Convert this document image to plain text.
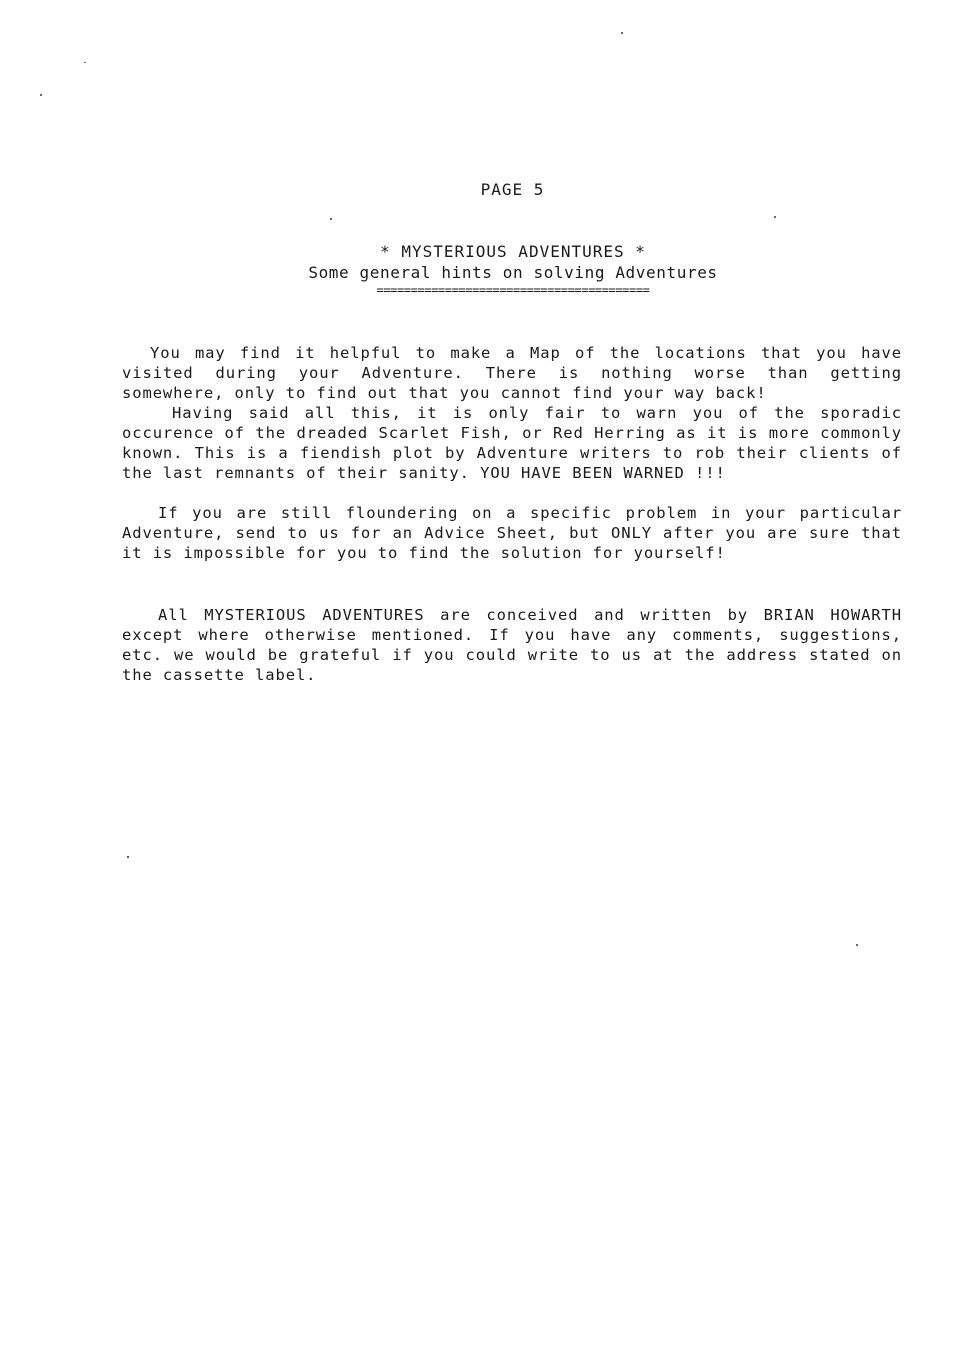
PAGE 5
* MYSTERIOUS ADVENTURES *
Some general hints on solving Adventures
========================================

You may find it helpful to make a Map of the locations that you have visited during your Adventure. There is nothing worse than getting somewhere, only to find out that you cannot find your way back!

Having said all this, it is only fair to warn you of the sporadic occurence of the dreaded Scarlet Fish, or Red Herring as it is more commonly known. This is a fiendish plot by Adventure writers to rob their clients of the last remnants of their sanity. YOU HAVE BEEN WARNED !!!

If you are still floundering on a specific problem in your particular Adventure, send to us for an Advice Sheet, but ONLY after you are sure that it is impossible for you to find the solution for yourself!

All MYSTERIOUS ADVENTURES are conceived and written by BRIAN HOWARTH except where otherwise mentioned. If you have any comments, suggestions, etc. we would be grateful if you could write to us at the address stated on the cassette label.
